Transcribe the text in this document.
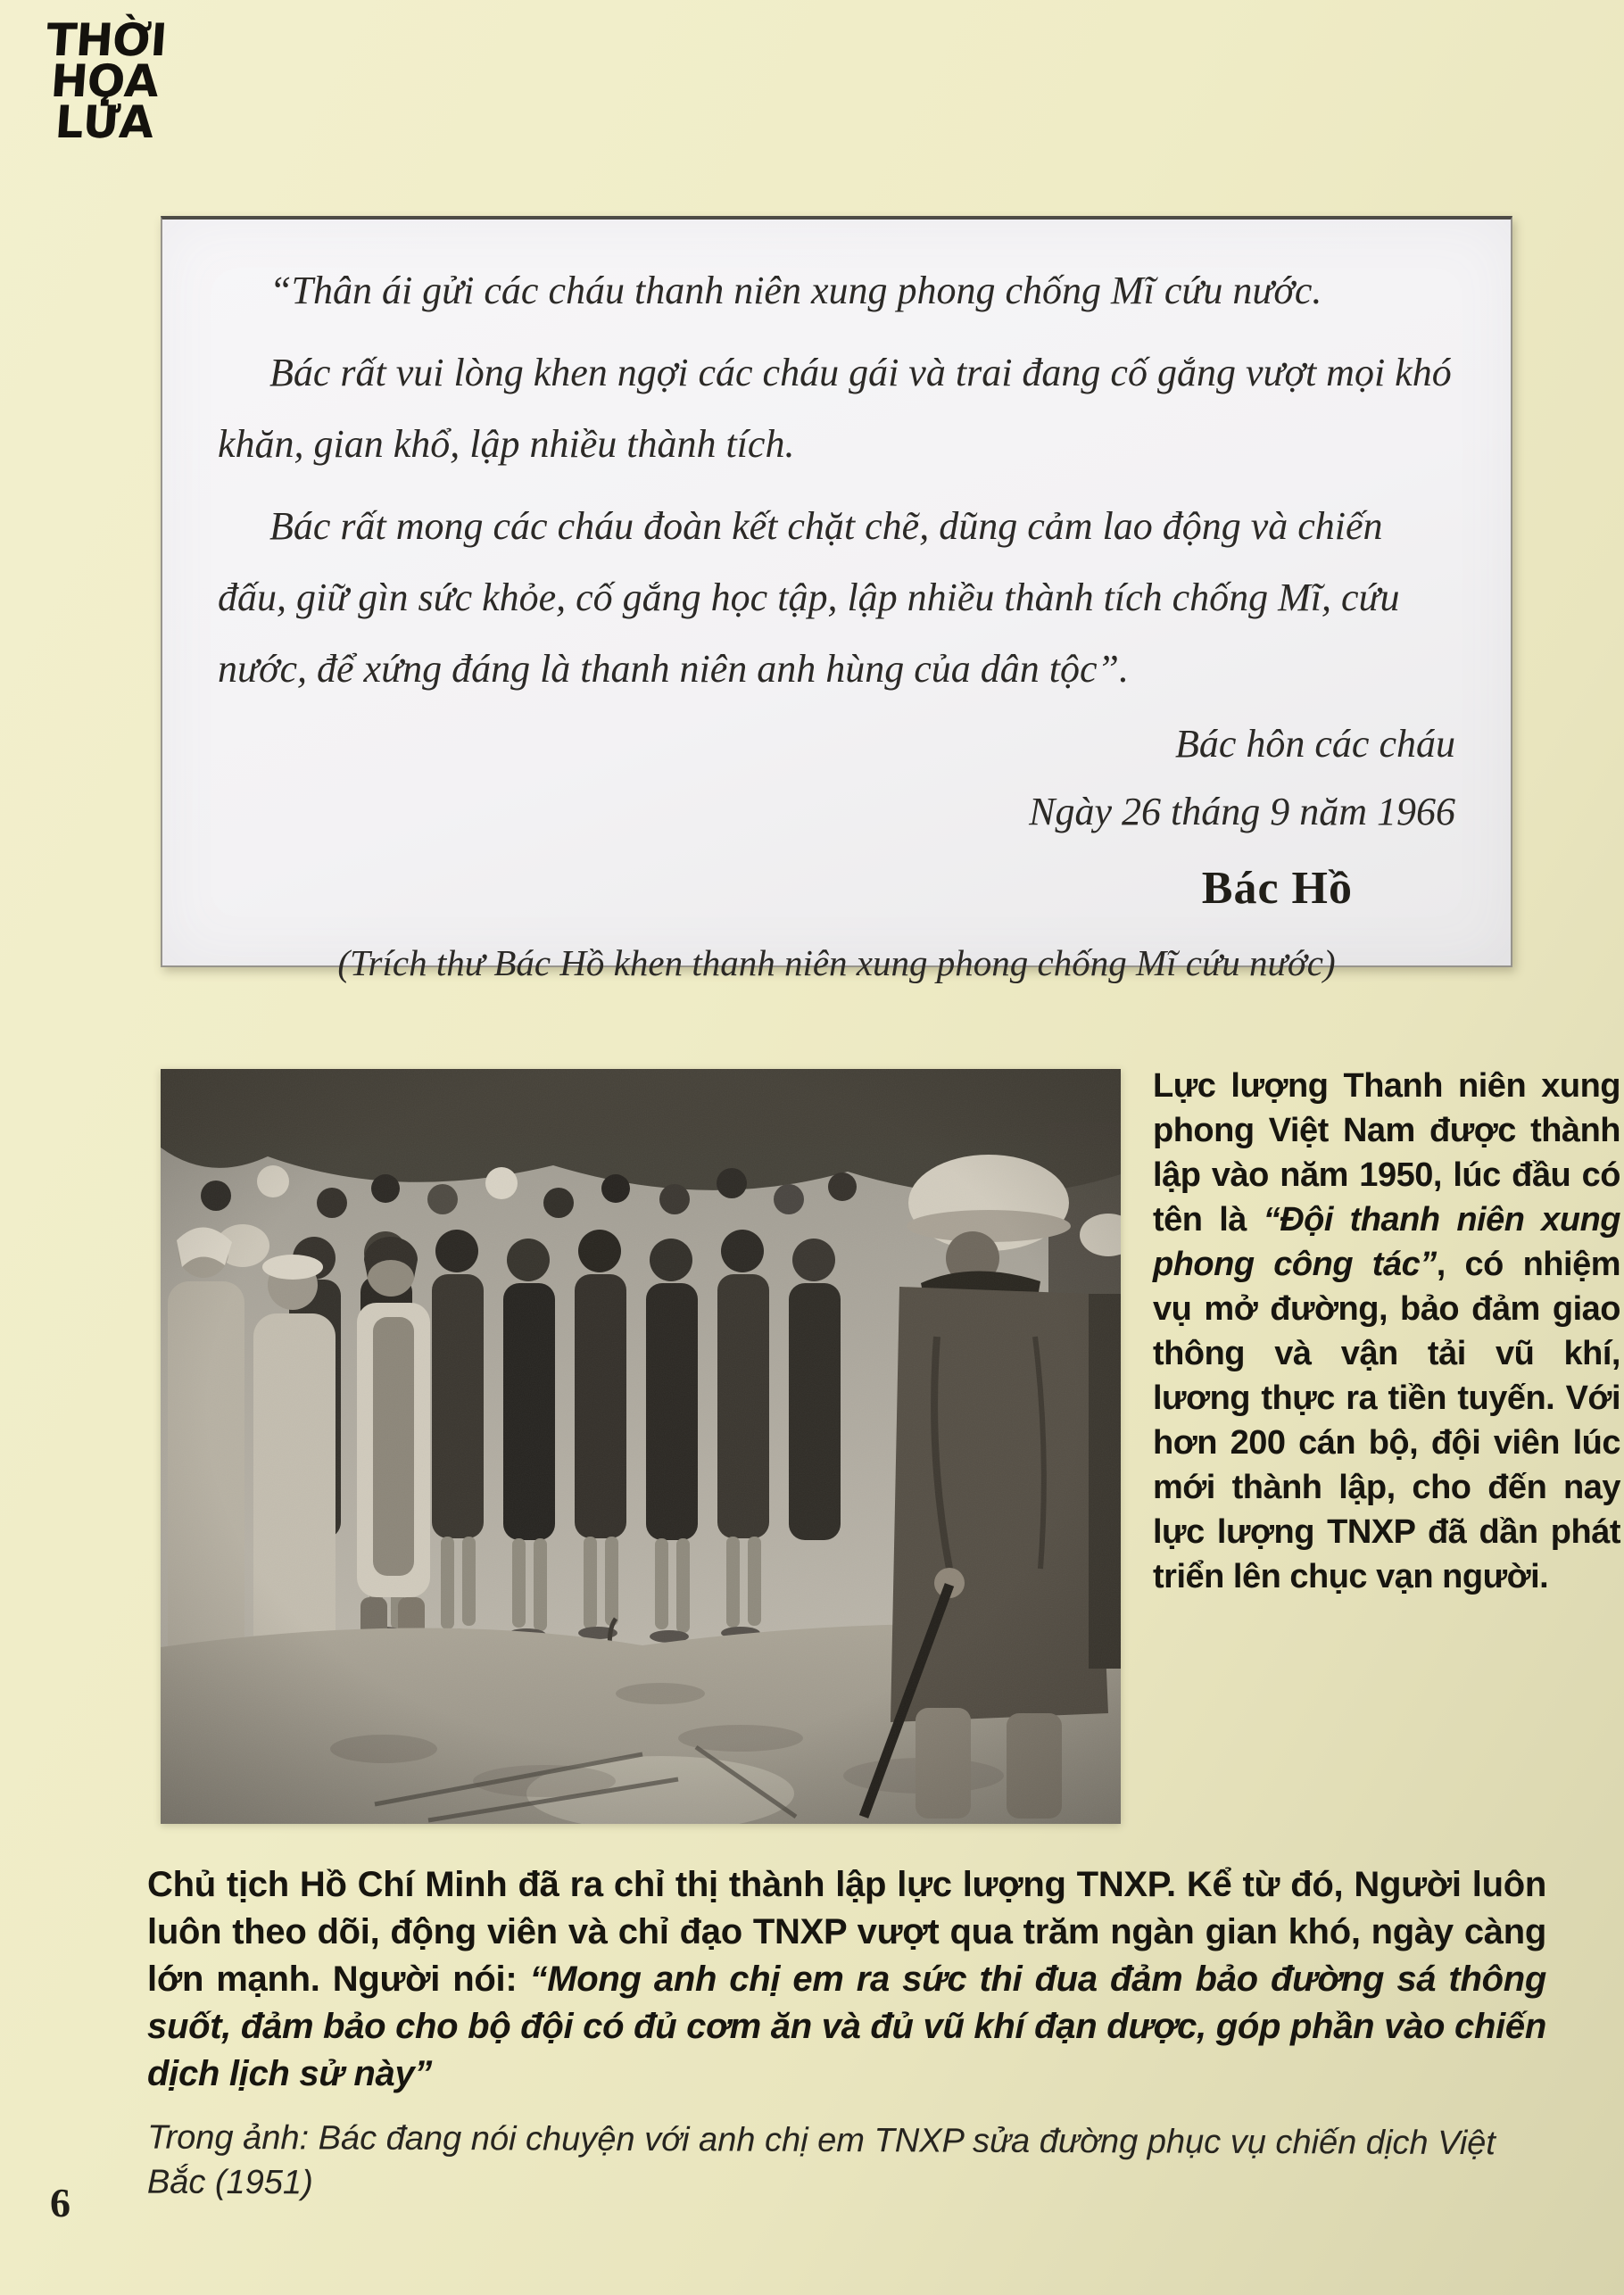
THỜI
HỌA
LỬA

“Thân ái gửi các cháu thanh niên xung phong chống Mĩ cứu nước.

Bác rất vui lòng khen ngợi các cháu gái và trai đang cố gắng vượt mọi khó khăn, gian khổ, lập nhiều thành tích.

Bác rất mong các cháu đoàn kết chặt chẽ, dũng cảm lao động và chiến đấu, giữ gìn sức khỏe, cố gắng học tập, lập nhiều thành tích chống Mĩ, cứu nước, để xứng đáng là thanh niên anh hùng của dân tộc”.

Bác hôn các cháu
Ngày 26 tháng 9 năm 1966
Bác Hồ
(Trích thư Bác Hồ khen thanh niên xung phong chống Mĩ cứu nước)
Lực lượng Thanh niên xung phong Việt Nam được thành lập vào năm 1950, lúc đầu có tên là “Đội thanh niên xung phong công tác”, có nhiệm vụ mở đường, bảo đảm giao thông và vận tải vũ khí, lương thực ra tiền tuyến. Với hơn 200 cán bộ, đội viên lúc mới thành lập, cho đến nay lực lượng TNXP đã dần phát triển lên chục vạn người.
Chủ tịch Hồ Chí Minh đã ra chỉ thị thành lập lực lượng TNXP. Kể từ đó, Người luôn luôn theo dõi, động viên và chỉ đạo TNXP vượt qua trăm ngàn gian khó, ngày càng lớn mạnh. Người nói: “Mong anh chị em ra sức thi đua đảm bảo đường sá thông suốt, đảm bảo cho bộ đội có đủ cơm ăn và đủ vũ khí đạn dược, góp phần vào chiến dịch lịch sử này”
Trong ảnh: Bác đang nói chuyện với anh chị em TNXP sửa đường phục vụ chiến dịch Việt Bắc (1951)
6
